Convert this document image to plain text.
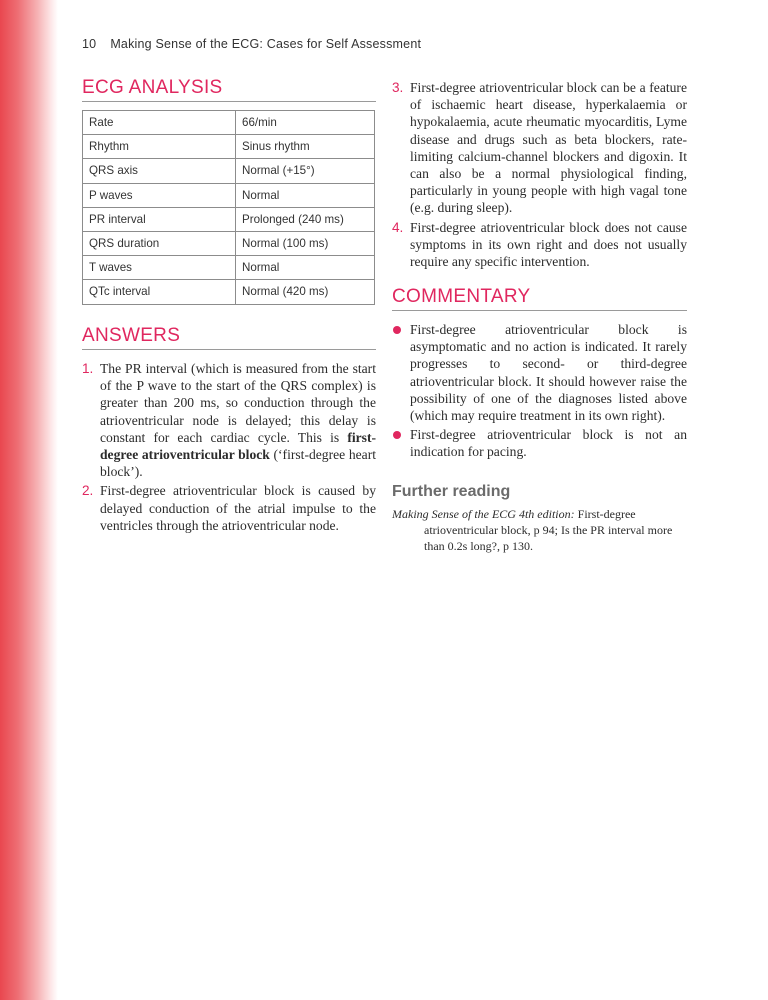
10 Making Sense of the ECG: Cases for Self Assessment
ECG ANALYSIS
Rate	66/min
Rhythm	Sinus rhythm
QRS axis	Normal (+15°)
P waves	Normal
PR interval	Prolonged (240 ms)
QRS duration	Normal (100 ms)
T waves	Normal
QTc interval	Normal (420 ms)
ANSWERS
1. The PR interval (which is measured from the start of the P wave to the start of the QRS complex) is greater than 200 ms, so conduction through the atrioventricular node is delayed; this delay is constant for each cardiac cycle. This is first-degree atrioventricular block (‘first-degree heart block’).
2. First-degree atrioventricular block is caused by delayed conduction of the atrial impulse to the ventricles through the atrioventricular node.
3. First-degree atrioventricular block can be a feature of ischaemic heart disease, hyperkalaemia or hypokalaemia, acute rheumatic myocarditis, Lyme disease and drugs such as beta blockers, rate-limiting calcium-channel blockers and digoxin. It can also be a normal physiological finding, particularly in young people with high vagal tone (e.g. during sleep).
4. First-degree atrioventricular block does not cause symptoms in its own right and does not usually require any specific intervention.
COMMENTARY
First-degree atrioventricular block is asymptomatic and no action is indicated. It rarely progresses to second- or third-degree atrioventricular block. It should however raise the possibility of one of the diagnoses listed above (which may require treatment in its own right).
First-degree atrioventricular block is not an indication for pacing.
Further reading

Making Sense of the ECG 4th edition: First-degree atrioventricular block, p 94; Is the PR interval more than 0.2s long?, p 130.
